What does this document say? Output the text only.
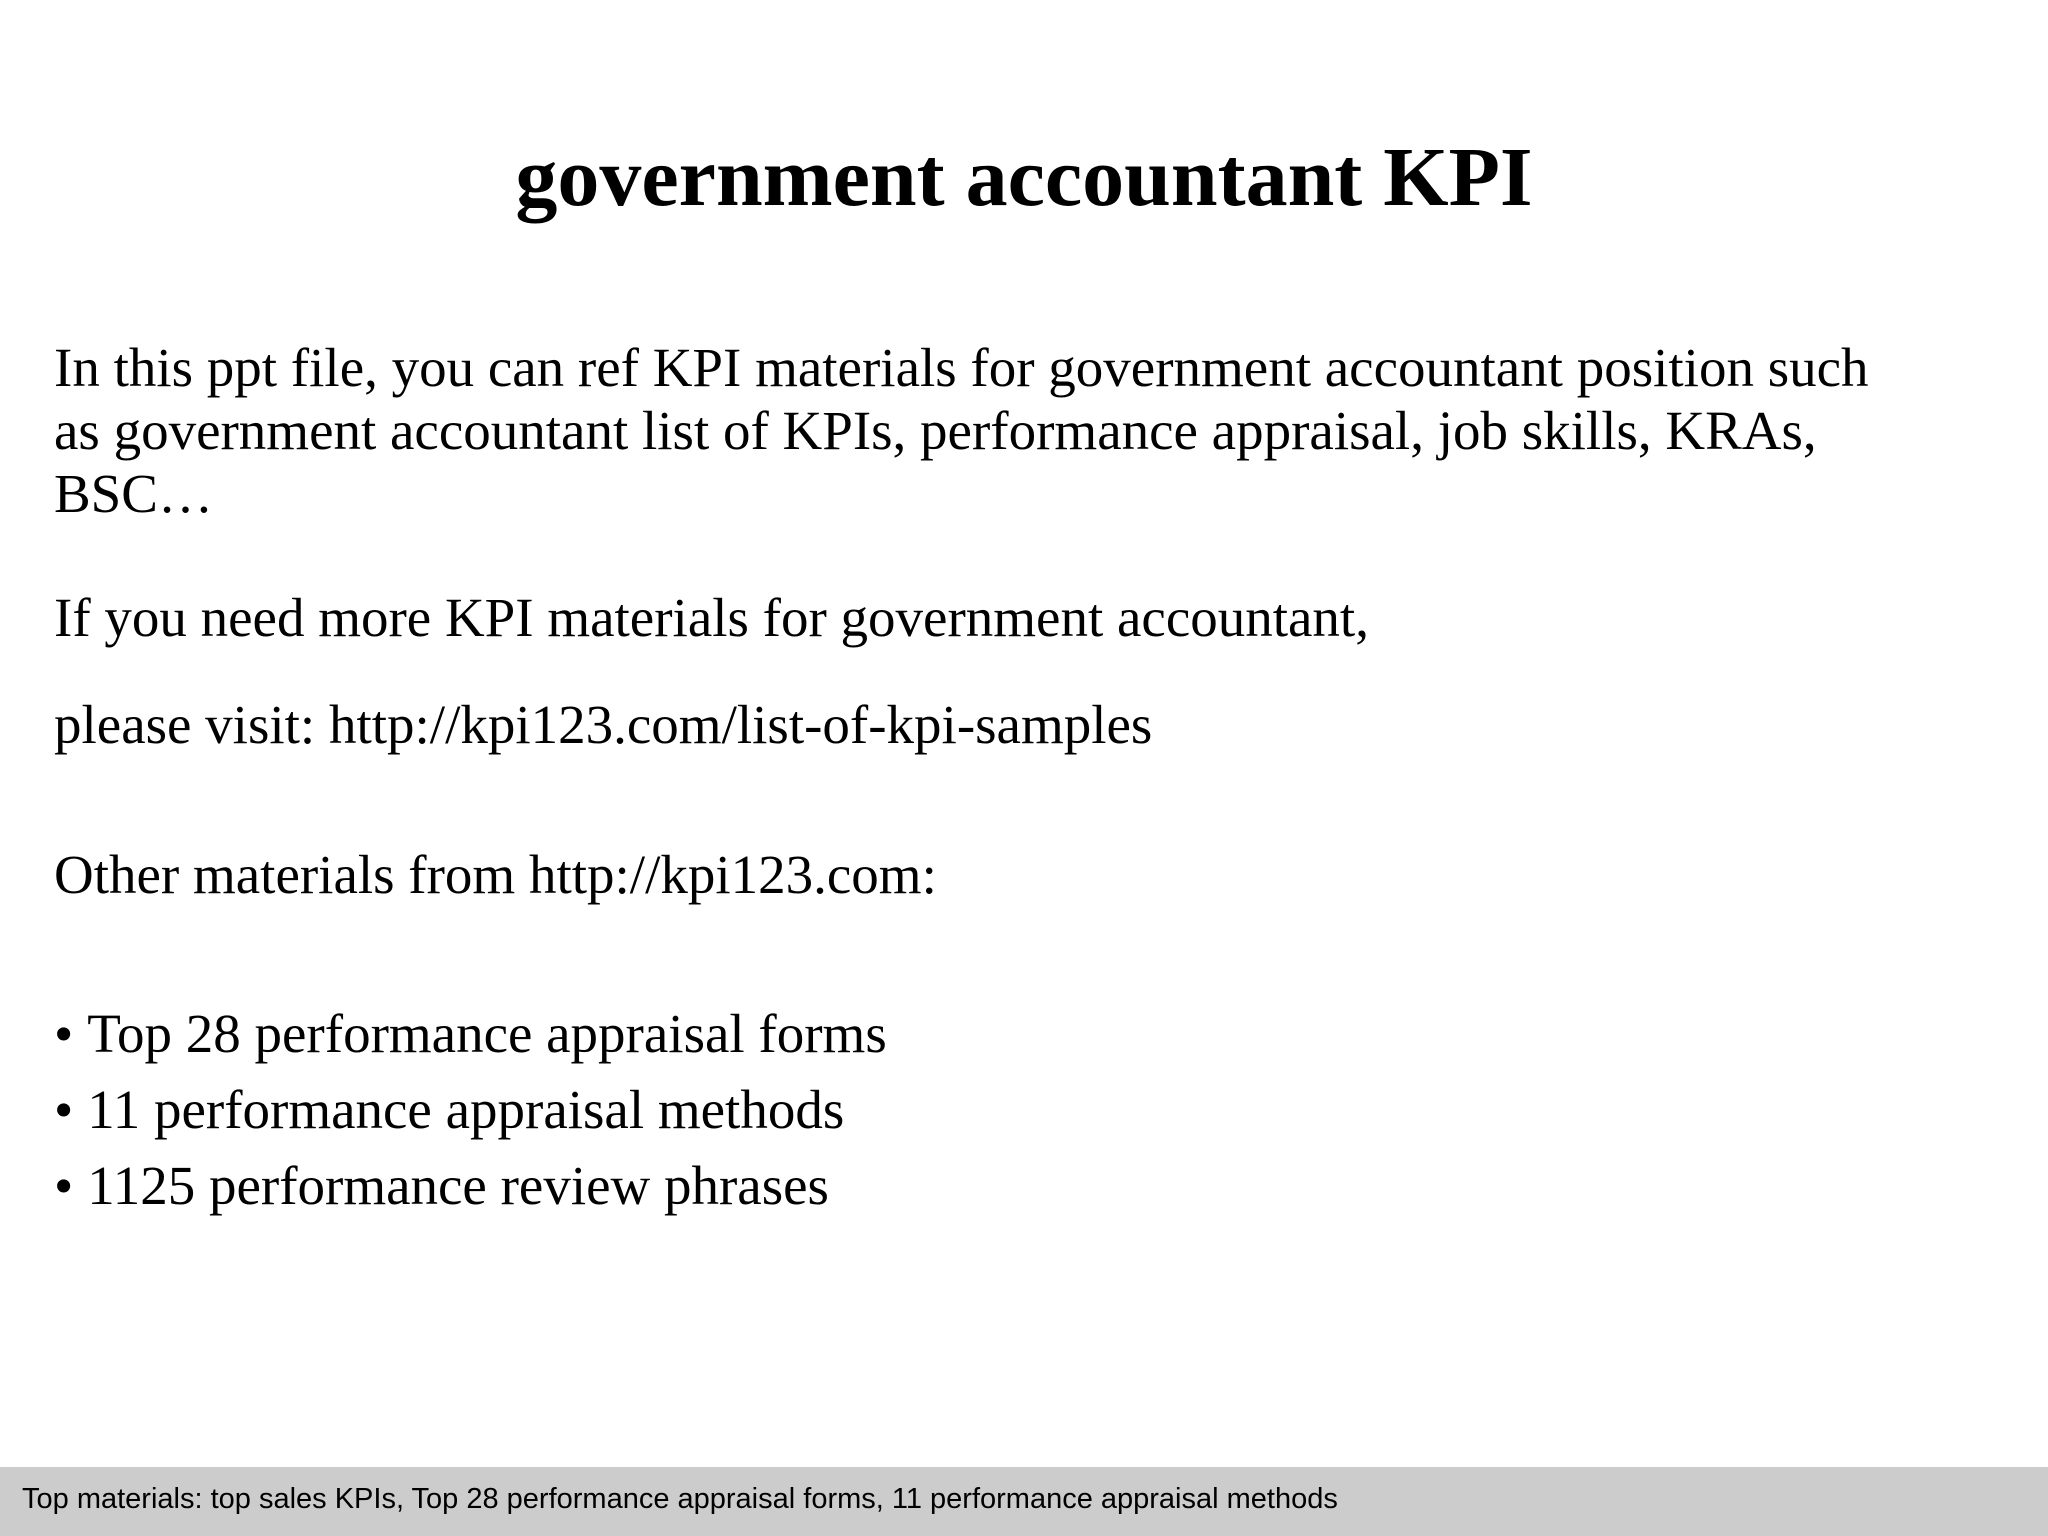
government accountant KPI
In this ppt file, you can ref KPI materials for government accountant position such
as government accountant list of KPIs, performance appraisal, job skills, KRAs,
BSC…
If you need more KPI materials for government accountant,
please visit: http://kpi123.com/list-of-kpi-samples
Other materials from http://kpi123.com:
• Top 28 performance appraisal forms
• 11 performance appraisal methods
• 1125 performance review phrases
Top materials: top sales KPIs, Top 28 performance appraisal forms, 11 performance appraisal methods
